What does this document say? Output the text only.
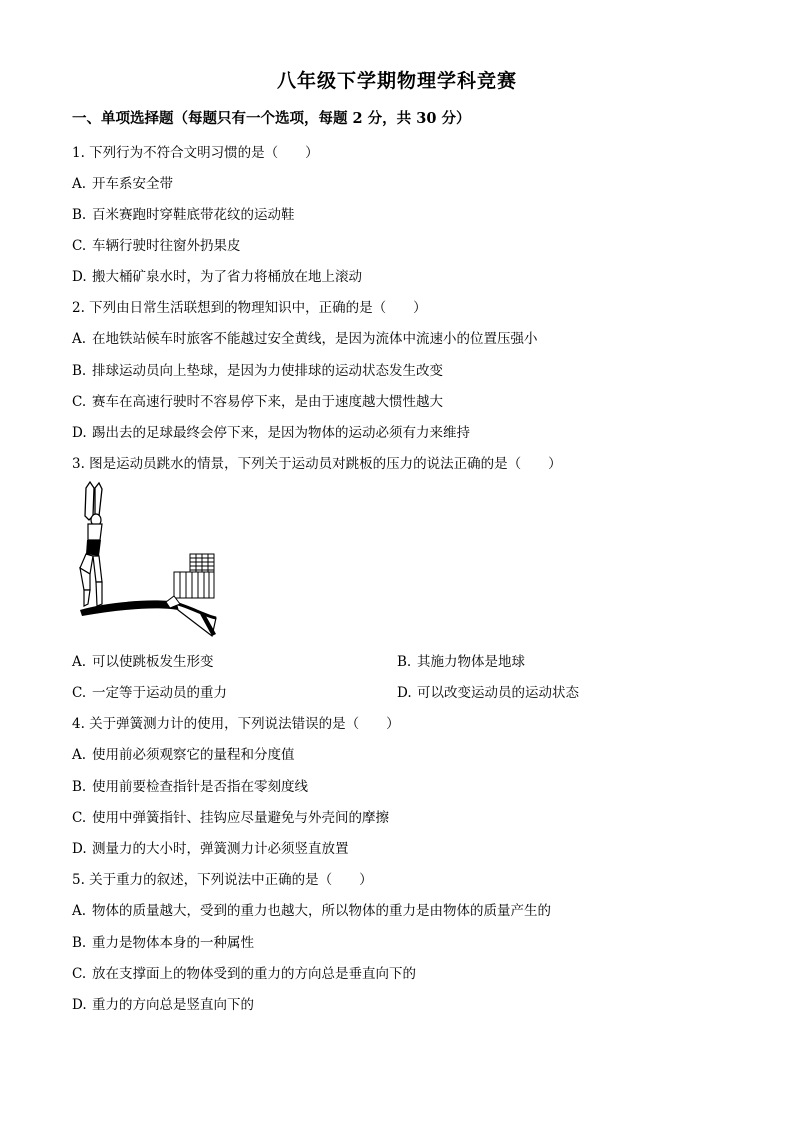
八年级下学期物理学科竞赛
一、单项选择题（每题只有一个选项，每题 2 分，共 30 分）
1. 下列行为不符合文明习惯的是（　　）
A. 开车系安全带
B. 百米赛跑时穿鞋底带花纹的运动鞋
C. 车辆行驶时往窗外扔果皮
D. 搬大桶矿泉水时，为了省力将桶放在地上滚动
2. 下列由日常生活联想到的物理知识中，正确的是（　　）
A. 在地铁站候车时旅客不能越过安全黄线，是因为流体中流速小的位置压强小
B. 排球运动员向上垫球，是因为力使排球的运动状态发生改变
C. 赛车在高速行驶时不容易停下来，是由于速度越大惯性越大
D. 踢出去的足球最终会停下来，是因为物体的运动必须有力来维持
3. 图是运动员跳水的情景，下列关于运动员对跳板的压力的说法正确的是（　　）
A. 可以使跳板发生形变	B. 其施力物体是地球
C. 一定等于运动员的重力	D. 可以改变运动员的运动状态
4. 关于弹簧测力计的使用，下列说法错误的是（　　）
A. 使用前必须观察它的量程和分度值
B. 使用前要检查指针是否指在零刻度线
C. 使用中弹簧指针、挂钩应尽量避免与外壳间的摩擦
D. 测量力的大小时，弹簧测力计必须竖直放置
5. 关于重力的叙述，下列说法中正确的是（　　）
A. 物体的质量越大，受到的重力也越大，所以物体的重力是由物体的质量产生的
B. 重力是物体本身的一种属性
C. 放在支撑面上的物体受到的重力的方向总是垂直向下的
D. 重力的方向总是竖直向下的
